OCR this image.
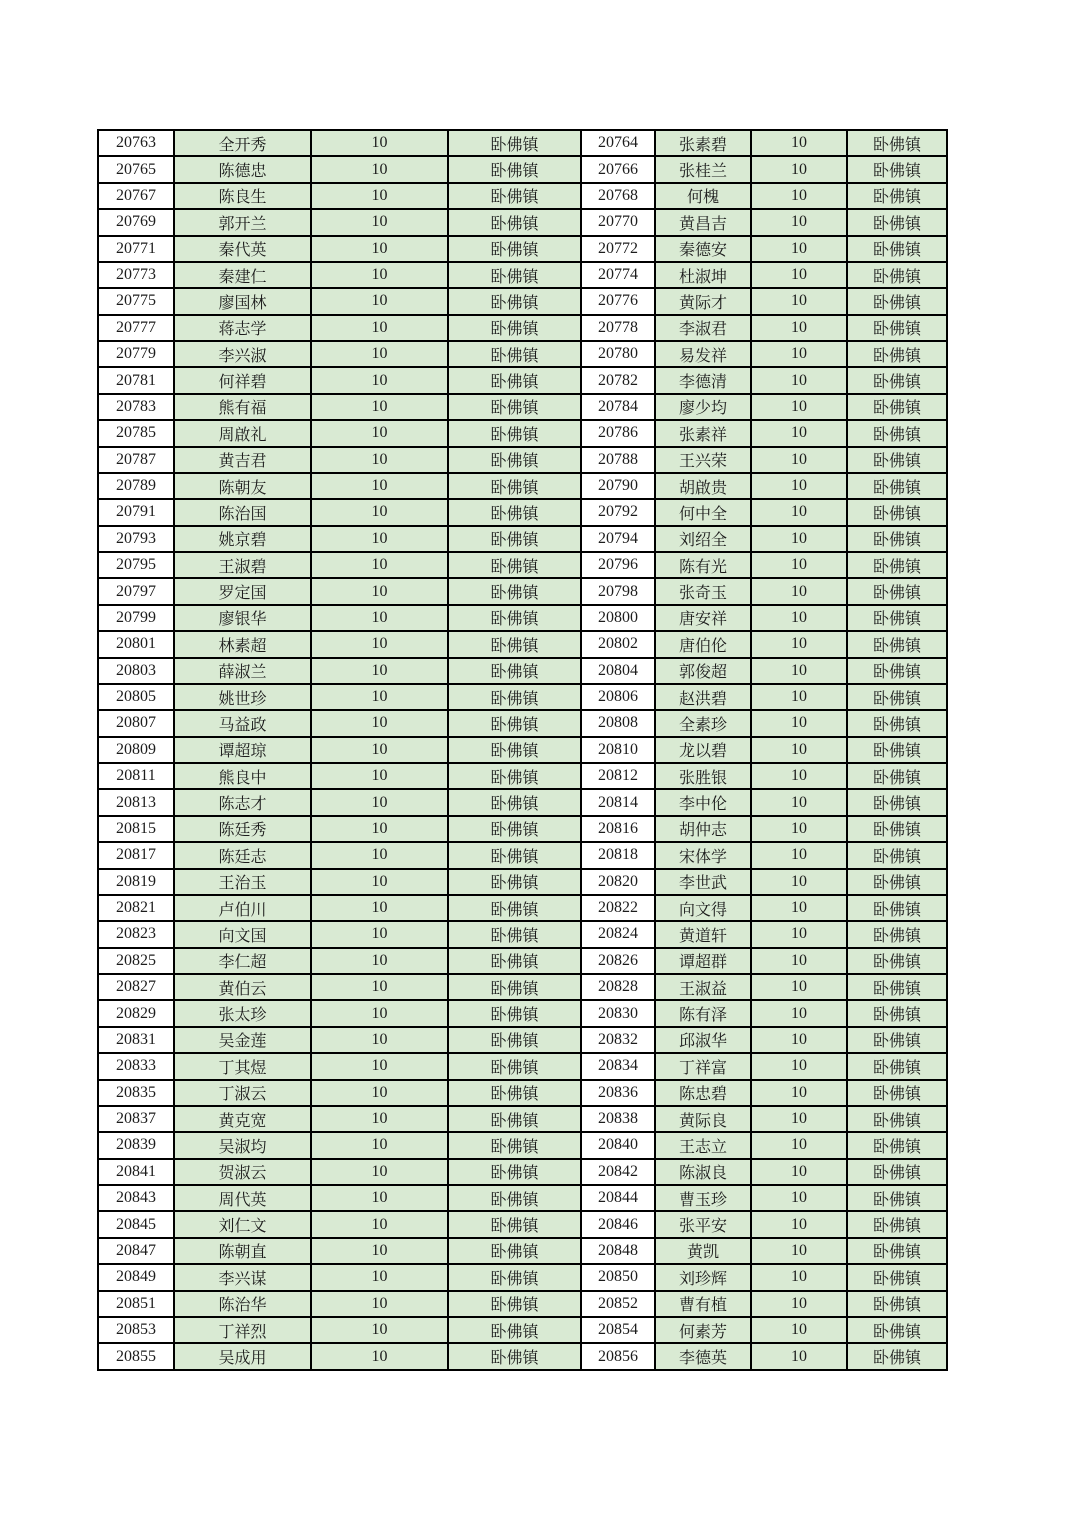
20763	全开秀	10	卧佛镇	20764	张素碧	10	卧佛镇
20765	陈德忠	10	卧佛镇	20766	张桂兰	10	卧佛镇
20767	陈良生	10	卧佛镇	20768	何槐	10	卧佛镇
20769	郭开兰	10	卧佛镇	20770	黄昌吉	10	卧佛镇
20771	秦代英	10	卧佛镇	20772	秦德安	10	卧佛镇
20773	秦建仁	10	卧佛镇	20774	杜淑坤	10	卧佛镇
20775	廖国林	10	卧佛镇	20776	黄际才	10	卧佛镇
20777	蒋志学	10	卧佛镇	20778	李淑君	10	卧佛镇
20779	李兴淑	10	卧佛镇	20780	易发祥	10	卧佛镇
20781	何祥碧	10	卧佛镇	20782	李德清	10	卧佛镇
20783	熊有福	10	卧佛镇	20784	廖少均	10	卧佛镇
20785	周啟礼	10	卧佛镇	20786	张素祥	10	卧佛镇
20787	黄吉君	10	卧佛镇	20788	王兴荣	10	卧佛镇
20789	陈朝友	10	卧佛镇	20790	胡啟贵	10	卧佛镇
20791	陈治国	10	卧佛镇	20792	何中全	10	卧佛镇
20793	姚京碧	10	卧佛镇	20794	刘绍全	10	卧佛镇
20795	王淑碧	10	卧佛镇	20796	陈有光	10	卧佛镇
20797	罗定国	10	卧佛镇	20798	张奇玉	10	卧佛镇
20799	廖银华	10	卧佛镇	20800	唐安祥	10	卧佛镇
20801	林素超	10	卧佛镇	20802	唐伯伦	10	卧佛镇
20803	薛淑兰	10	卧佛镇	20804	郭俊超	10	卧佛镇
20805	姚世珍	10	卧佛镇	20806	赵洪碧	10	卧佛镇
20807	马益政	10	卧佛镇	20808	全素珍	10	卧佛镇
20809	谭超琼	10	卧佛镇	20810	龙以碧	10	卧佛镇
20811	熊良中	10	卧佛镇	20812	张胜银	10	卧佛镇
20813	陈志才	10	卧佛镇	20814	李中伦	10	卧佛镇
20815	陈廷秀	10	卧佛镇	20816	胡仲志	10	卧佛镇
20817	陈廷志	10	卧佛镇	20818	宋体学	10	卧佛镇
20819	王治玉	10	卧佛镇	20820	李世武	10	卧佛镇
20821	卢伯川	10	卧佛镇	20822	向文得	10	卧佛镇
20823	向文国	10	卧佛镇	20824	黄道轩	10	卧佛镇
20825	李仁超	10	卧佛镇	20826	谭超群	10	卧佛镇
20827	黄伯云	10	卧佛镇	20828	王淑益	10	卧佛镇
20829	张太珍	10	卧佛镇	20830	陈有泽	10	卧佛镇
20831	吴金莲	10	卧佛镇	20832	邱淑华	10	卧佛镇
20833	丁其煜	10	卧佛镇	20834	丁祥富	10	卧佛镇
20835	丁淑云	10	卧佛镇	20836	陈忠碧	10	卧佛镇
20837	黄克宽	10	卧佛镇	20838	黄际良	10	卧佛镇
20839	吴淑均	10	卧佛镇	20840	王志立	10	卧佛镇
20841	贺淑云	10	卧佛镇	20842	陈淑良	10	卧佛镇
20843	周代英	10	卧佛镇	20844	曹玉珍	10	卧佛镇
20845	刘仁文	10	卧佛镇	20846	张平安	10	卧佛镇
20847	陈朝直	10	卧佛镇	20848	黄凯	10	卧佛镇
20849	李兴谋	10	卧佛镇	20850	刘珍辉	10	卧佛镇
20851	陈治华	10	卧佛镇	20852	曹有植	10	卧佛镇
20853	丁祥烈	10	卧佛镇	20854	何素芳	10	卧佛镇
20855	吴成用	10	卧佛镇	20856	李德英	10	卧佛镇
